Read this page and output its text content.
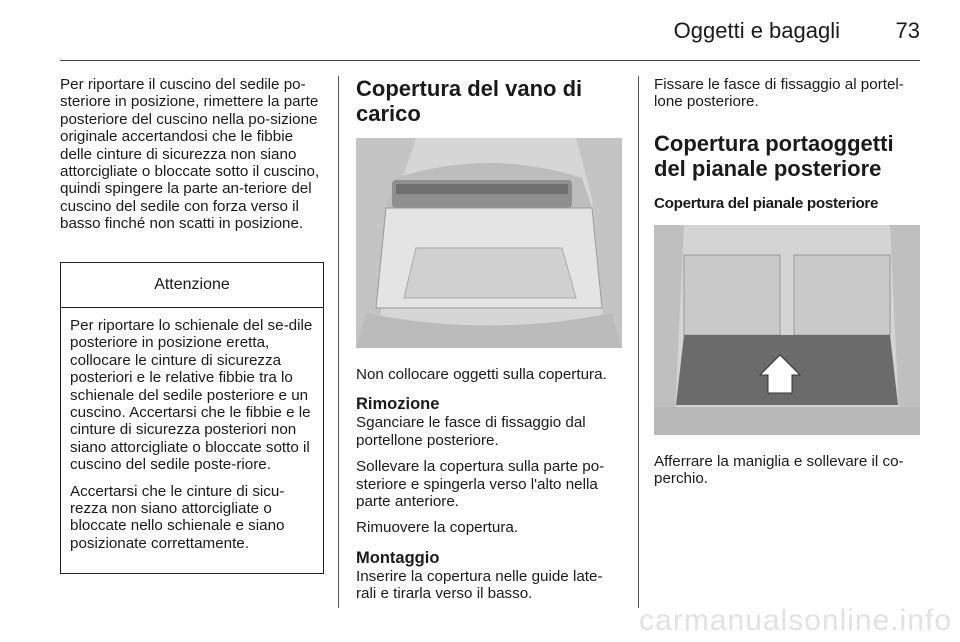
Oggetti e bagagli	73

Per riportare il cuscino del sedile po-steriore in posizione, rimettere la parte posteriore del cuscino nella po-sizione originale accertandosi che le fibbie delle cinture di sicurezza non siano attorcigliate o bloccate sotto il cuscino, quindi spingere la parte an-teriore del cuscino del sedile con forza verso il basso finché non scatti in posizione.

Attenzione

Per riportare lo schienale del se-dile posteriore in posizione eretta, collocare le cinture di sicurezza posteriori e le relative fibbie tra lo schienale del sedile posteriore e un cuscino. Accertarsi che le fibbie e le cinture di sicurezza posteriori non siano attorcigliate o bloccate sotto il cuscino del sedile poste-riore.

Accertarsi che le cinture di sicu-rezza non siano attorcigliate o bloccate nello schienale e siano posizionate correttamente.

Copertura del vano di carico

Non collocare oggetti sulla copertura.

Rimozione

Sganciare le fasce di fissaggio dal portellone posteriore.

Sollevare la copertura sulla parte po-steriore e spingerla verso l'alto nella parte anteriore.

Rimuovere la copertura.

Montaggio

Inserire la copertura nelle guide late-rali e tirarla verso il basso.

Fissare le fasce di fissaggio al portel-lone posteriore.

Copertura portaoggetti del pianale posteriore
Copertura del pianale posteriore

Afferrare la maniglia e sollevare il co-perchio.

carmanualsonline.info
